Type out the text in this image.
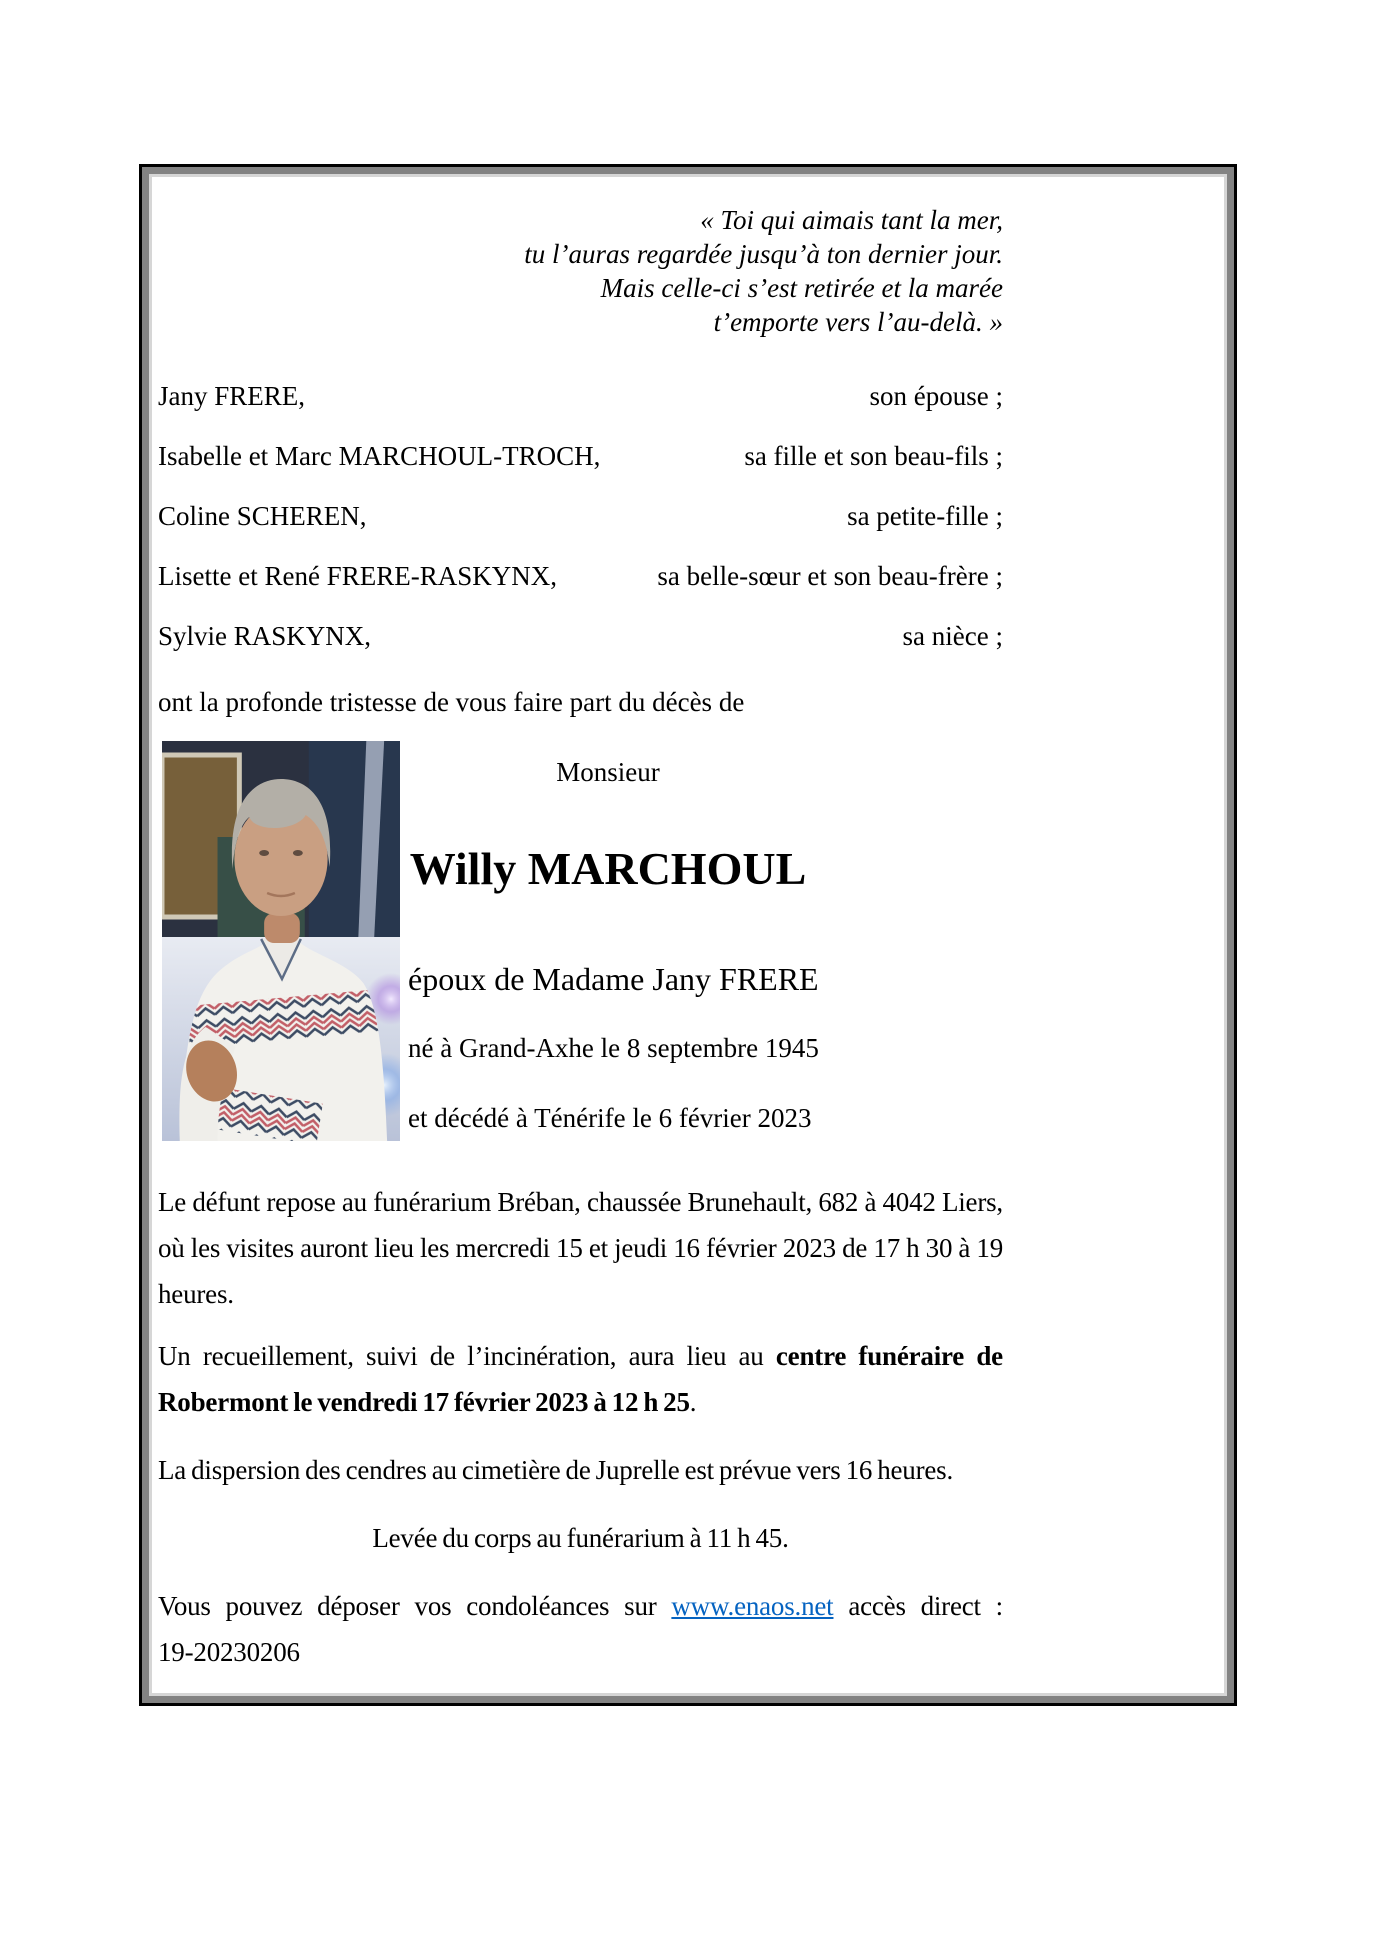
« Toi qui aimais tant la mer,
tu l’auras regardée jusqu’à ton dernier jour.
Mais celle-ci s’est retirée et la marée
t’emporte vers l’au-delà. »
Jany FRERE,	son épouse ;
Isabelle et Marc MARCHOUL-TROCH,	sa fille et son beau-fils ;
Coline SCHEREN,	sa petite-fille ;
Lisette et René FRERE-RASKYNX,	sa belle-sœur et son beau-frère ;
Sylvie RASKYNX,	sa nièce ;

ont la profonde tristesse de vous faire part du décès de

Monsieur
Willy MARCHOUL
époux de Madame Jany FRERE
né à Grand-Axhe le 8 septembre 1945
et décédé à Ténérife le 6 février 2023

Le défunt repose au funérarium Bréban, chaussée Brunehault, 682 à 4042 Liers, où les visites auront lieu les mercredi 15 et jeudi 16 février 2023 de 17 h 30 à 19 heures.

Un recueillement, suivi de l’incinération, aura lieu au centre funéraire de Robermont le vendredi 17 février 2023 à 12 h 25.

La dispersion des cendres au cimetière de Juprelle est prévue vers 16 heures.

Levée du corps au funérarium à 11 h 45.

Vous pouvez déposer vos condoléances sur www.enaos.net accès direct :
19-20230206
